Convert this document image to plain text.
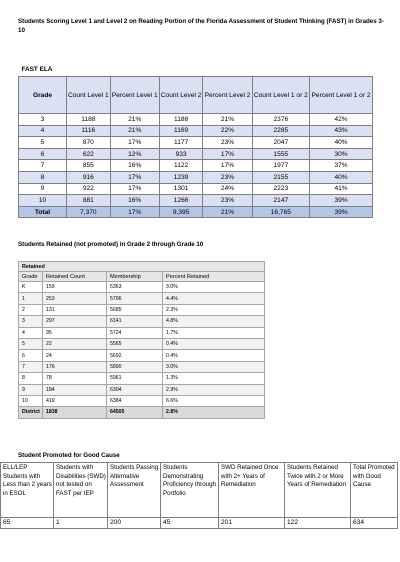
Students Scoring Level 1 and Level 2 on Reading Portion of the Florida Assessment of Student Thinking (FAST) in Grades 3-10
FAST ELA						
Grade	Count Level 1	Percent Level 1	Count Level 2	Percent Level 2	Count Level 1 or 2	Percent Level 1 or 2
3	1188	21%	1188	21%	2376	42%
4	1116	21%	1169	22%	2285	43%
5	870	17%	1177	23%	2047	40%
6	622	12%	933	17%	1555	30%
7	855	16%	1122	17%	1977	37%
8	916	17%	1239	23%	2155	40%
9	922	17%	1301	24%	2223	41%
10	881	16%	1266	23%	2147	39%
Total	7,370	17%	9,395	21%	16,765	39%
Students Retained (not promoted) in Grade 2 through Grade 10
Retained			
Grade	Retained Count	Membership	Percent Retained
K	159	5363	3.0%
1	253	5796	4.4%
2	131	5685	2.3%
3	297	6141	4.8%
4	95	5724	1.7%
5	22	5565	0.4%
6	24	5692	0.4%
7	176	5890	3.0%
8	78	5961	1.3%
9	184	6304	2.9%
10	419	6384	6.6%
District	1838	64505	2.8%
Student Promoted for Good Cause
ELL/LEP Students with Less than 2 years in ESOL	Students with Disabilities (SWD) not tested on FAST per IEP	Students Passing Alternative Assessment	Students Demonstrating Proficiency through Portfolio	SWD Retained Once with 2+ Years of Remediation	Students Retained Twice with 2 or More Years of Remediation	Total Promoted with Good Cause
65	1	200	45	201	122	634
